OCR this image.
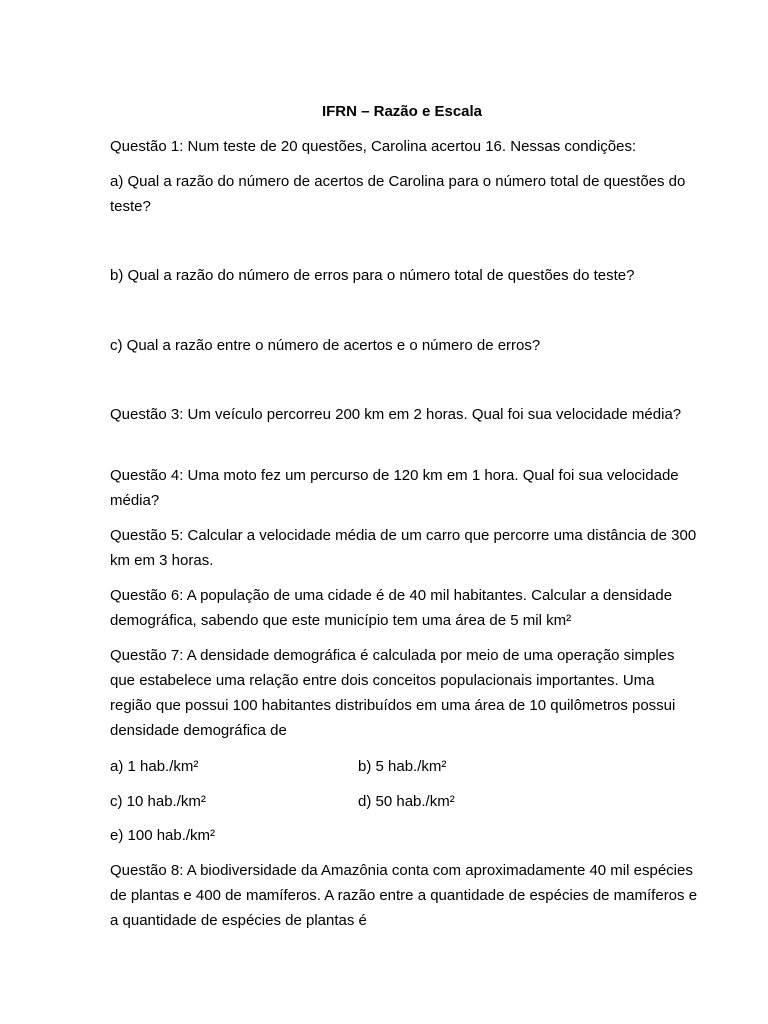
IFRN – Razão e Escala
Questão 1: Num teste de 20 questões, Carolina acertou 16. Nessas condições:
a) Qual a razão do número de acertos de Carolina para o número total de questões do teste?
b) Qual a razão do número de erros para o número total de questões do teste?
c) Qual a razão entre o número de acertos e o número de erros?
Questão 3: Um veículo percorreu 200 km em 2 horas. Qual foi sua velocidade média?
Questão 4: Uma moto fez um percurso de 120 km em 1 hora. Qual foi sua velocidade média?
Questão 5: Calcular a velocidade média de um carro que percorre uma distância de 300 km em 3 horas.
Questão 6: A população de uma cidade é de 40 mil habitantes. Calcular a densidade demográfica, sabendo que este município tem uma área de 5 mil km²
Questão 7: A densidade demográfica é calculada por meio de uma operação simples que estabelece uma relação entre dois conceitos populacionais importantes. Uma região que possui 100 habitantes distribuídos em uma área de 10 quilômetros possui densidade demográfica de
a) 1 hab./km²	b) 5 hab./km²
c) 10 hab./km²	d) 50 hab./km²
e) 100 hab./km²
Questão 8: A biodiversidade da Amazônia conta com aproximadamente 40 mil espécies de plantas e 400 de mamíferos. A razão entre a quantidade de espécies de mamíferos e a quantidade de espécies de plantas é
